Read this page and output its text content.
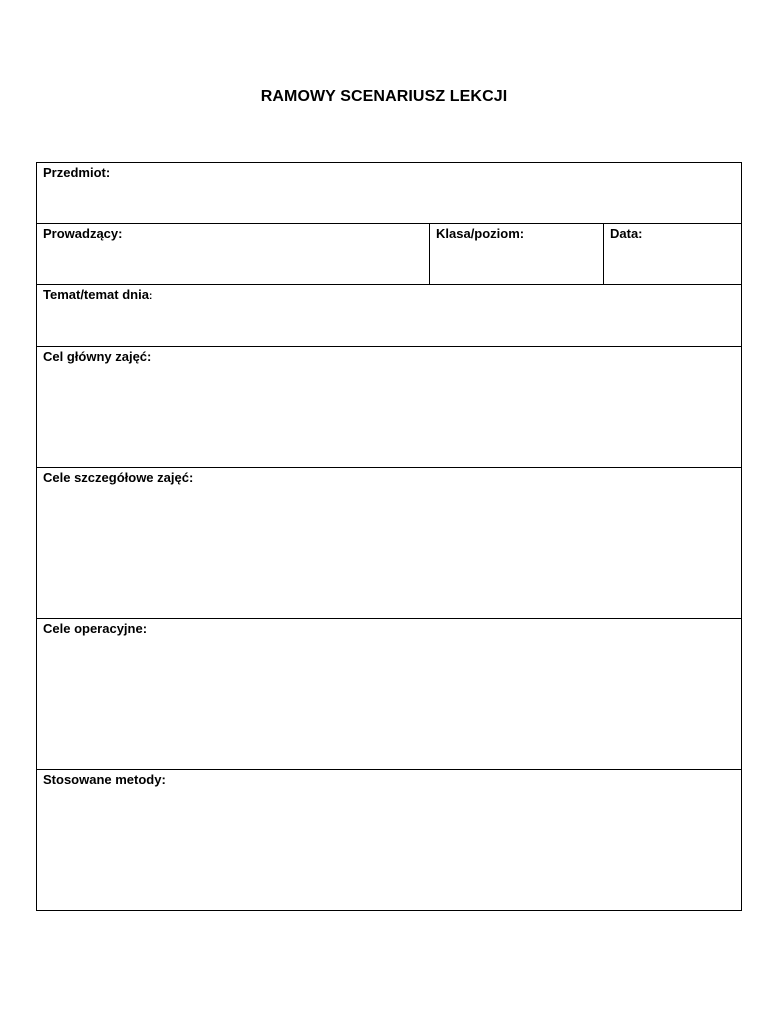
RAMOWY SCENARIUSZ LEKCJI
Przedmiot:
Prowadzący:	Klasa/poziom:	Data:
Temat/temat dnia:
Cel główny zajęć:
Cele szczegółowe zajęć:
Cele operacyjne:
Stosowane metody:
